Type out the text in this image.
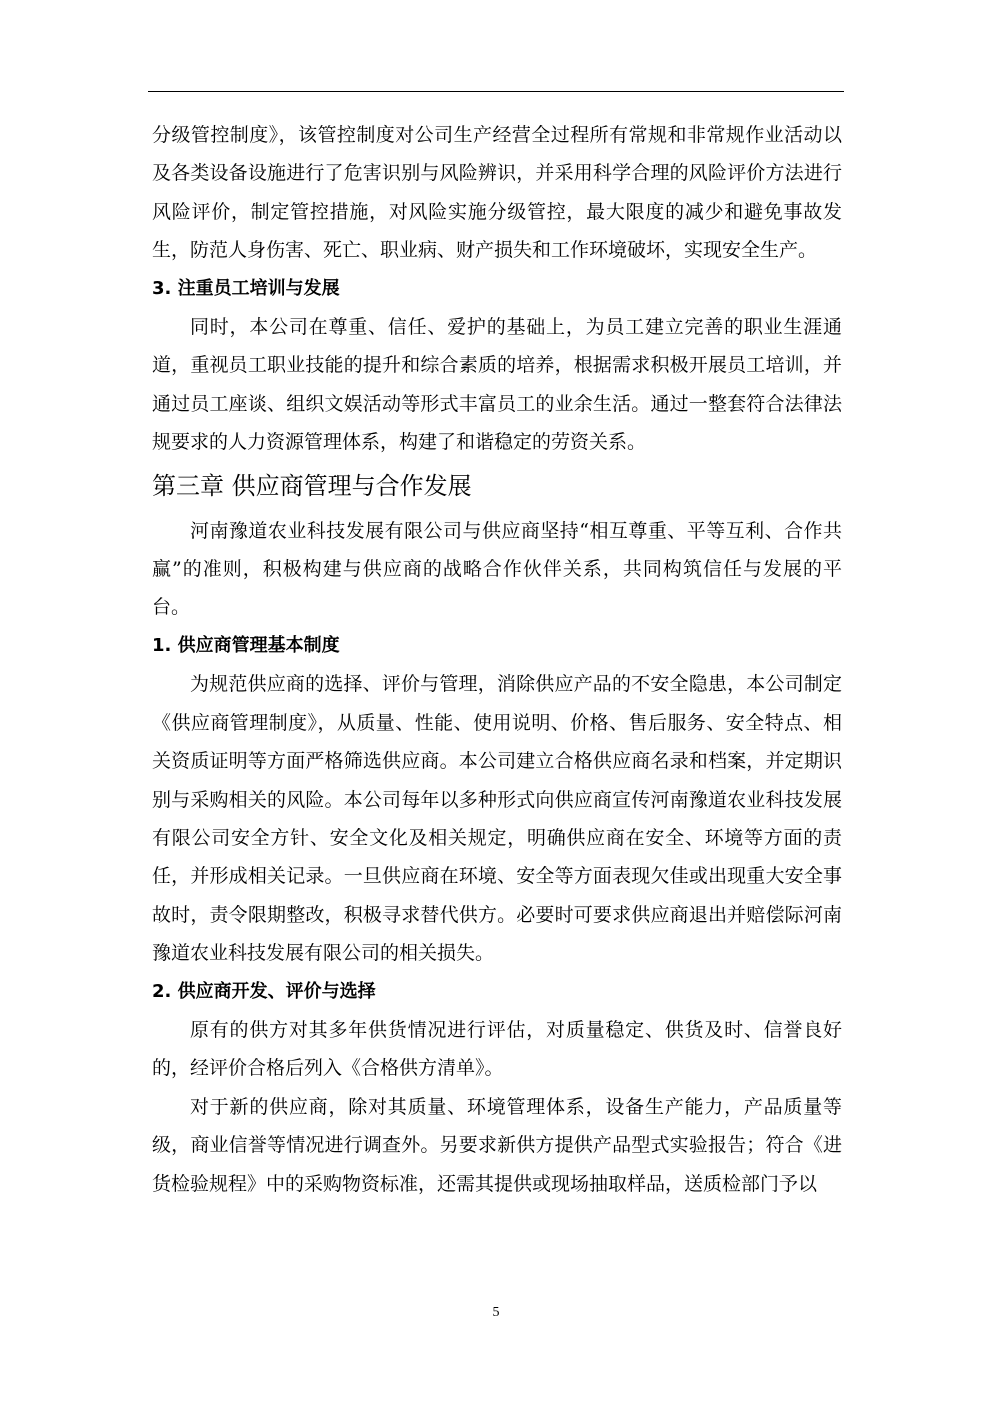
分级管控制度》，该管控制度对公司生产经营全过程所有常规和非常规作业活动以及各类设备设施进行了危害识别与风险辨识，并采用科学合理的风险评价方法进行风险评价，制定管控措施，对风险实施分级管控，最大限度的减少和避免事故发生，防范人身伤害、死亡、职业病、财产损失和工作环境破坏，实现安全生产。

3. 注重员工培训与发展

同时，本公司在尊重、信任、爱护的基础上，为员工建立完善的职业生涯通道，重视员工职业技能的提升和综合素质的培养，根据需求积极开展员工培训，并通过员工座谈、组织文娱活动等形式丰富员工的业余生活。通过一整套符合法律法规要求的人力资源管理体系，构建了和谐稳定的劳资关系。

第三章 供应商管理与合作发展

河南豫道农业科技发展有限公司与供应商坚持“相互尊重、平等互利、合作共赢”的准则，积极构建与供应商的战略合作伙伴关系，共同构筑信任与发展的平台。

1. 供应商管理基本制度

为规范供应商的选择、评价与管理，消除供应产品的不安全隐患，本公司制定《供应商管理制度》，从质量、性能、使用说明、价格、售后服务、安全特点、相关资质证明等方面严格筛选供应商。本公司建立合格供应商名录和档案，并定期识别与采购相关的风险。本公司每年以多种形式向供应商宣传河南豫道农业科技发展有限公司安全方针、安全文化及相关规定，明确供应商在安全、环境等方面的责任，并形成相关记录。一旦供应商在环境、安全等方面表现欠佳或出现重大安全事故时，责令限期整改，积极寻求替代供方。必要时可要求供应商退出并赔偿际河南豫道农业科技发展有限公司的相关损失。

2. 供应商开发、评价与选择

原有的供方对其多年供货情况进行评估，对质量稳定、供货及时、信誉良好的，经评价合格后列入《合格供方清单》。

对于新的供应商，除对其质量、环境管理体系，设备生产能力，产品质量等级，商业信誉等情况进行调查外。另要求新供方提供产品型式实验报告；符合《进货检验规程》中的采购物资标准，还需其提供或现场抽取样品，送质检部门予以

5
